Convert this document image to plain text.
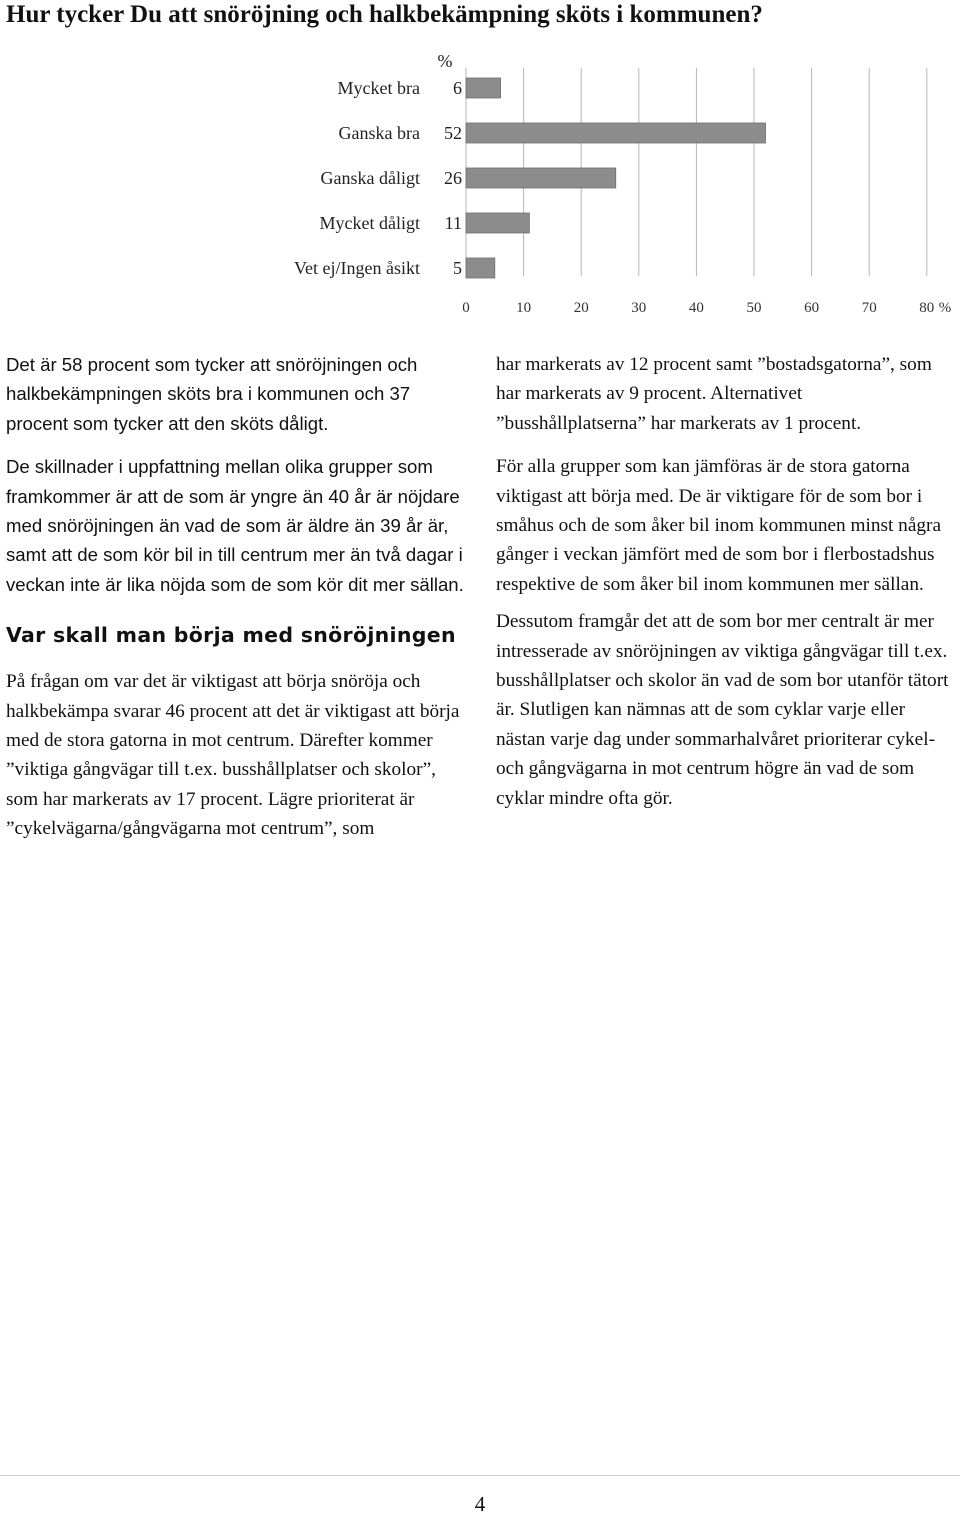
Hur tycker Du att snöröjning och halkbekämpning sköts i kommunen?
0	10	20	30	40	50	60	70	80 %
%
Mycket bra 6
Ganska bra 52
Ganska dåligt 26
Mycket dåligt 11
Vet ej/Ingen åsikt 5

Det är 58 procent som tycker att snöröjningen och halkbekämpningen sköts bra i kommunen och 37 procent som tycker att den sköts dåligt.

De skillnader i uppfattning mellan olika grupper som framkommer är att de som är yngre än 40 år är nöjdare med snöröjningen än vad de som är äldre än 39 år är, samt att de som kör bil in till centrum mer än två dagar i veckan inte är lika nöjda som de som kör dit mer sällan.

Var skall man börja med snöröjningen

På frågan om var det är viktigast att börja snöröja och halkbekämpa svarar 46 procent att det är viktigast att börja med de stora gatorna in mot centrum. Därefter kommer ”viktiga gångvägar till t.ex. busshållplatser och skolor”, som har markerats av 17 procent. Lägre prioriterat är ”cykelvägarna/gångvägarna mot centrum”, som

har markerats av 12 procent samt ”bostadsgatorna”, som har markerats av 9 procent. Alternativet ”busshållplatserna” har markerats av 1 procent.

För alla grupper som kan jämföras är de stora gatorna viktigast att börja med. De är viktigare för de som bor i småhus och de som åker bil inom kommunen minst några gånger i veckan jämfört med de som bor i flerbostadshus respektive de som åker bil inom kommunen mer sällan.

Dessutom framgår det att de som bor mer centralt är mer intresserade av snöröjningen av viktiga gångvägar till t.ex. busshållplatser och skolor än vad de som bor utanför tätort är. Slutligen kan nämnas att de som cyklar varje eller nästan varje dag under sommarhalvåret prioriterar cykel- och gångvägarna in mot centrum högre än vad de som cyklar mindre ofta gör.

4
